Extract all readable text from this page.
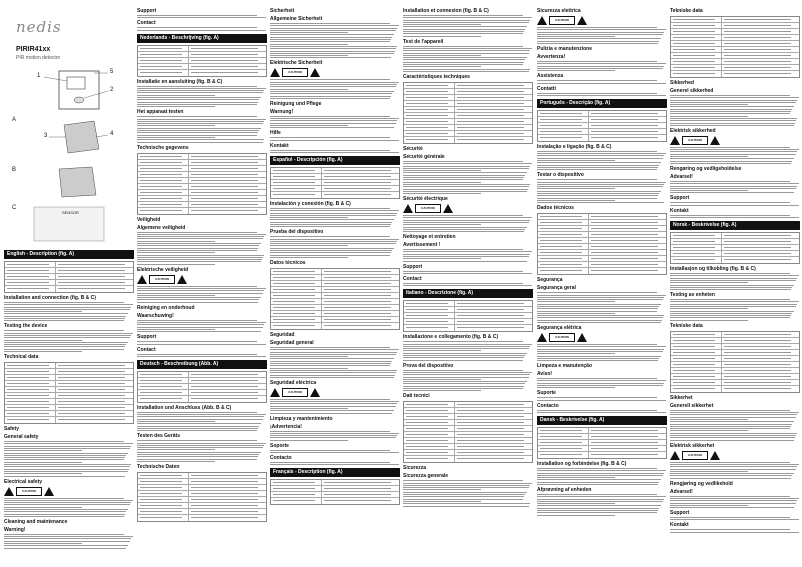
nedis
PIRIR41xx
PIR motion detector
1
2
3	4
5
A
B
C
SENSOR
English - Description (fig. A)
Installation and connection (fig. B & C)
Testing the device
Technical data
Safety
General safety
Electrical safety
CAUTION
Cleaning and maintenance
Warning!
Support
Contact
Nederlands - Beschrijving (fig. A)
Installatie en aansluiting (fig. B & C)
Het apparaat testen
Technische gegevens
Veiligheid
Algemene veiligheid
Elektrische veiligheid
CAUTION
Reiniging en onderhoud
Waarschuwing!
Support
Contact
Deutsch - Beschreibung (Abb. A)
Installation und Anschluss (Abb. B & C)
Testen des Geräts
Technische Daten
Sicherheit
Allgemeine Sicherheit
Elektrische Sicherheit
CAUTION
Reinigung und Pflege
Warnung!
Hilfe
Kontakt
Español - Descripción (fig. A)
Instalación y conexión (fig. B & C)
Prueba del dispositivo
Datos técnicos
Seguridad
Seguridad general
Seguridad eléctrica
CAUTION
Limpieza y mantenimiento
¡Advertencia!
Soporte
Contacto
Français - Description (fig. A)
Installation et connexion (fig. B & C)
Test de l'appareil
Caractéristiques techniques
Sécurité
Sécurité générale
Sécurité électrique
CAUTION
Nettoyage et entretien
Avertissement !
Support
Contact
Italiano - Descrizione (fig. A)
Installazione e collegamento (fig. B & C)
Prova del dispositivo
Dati tecnici
Sicurezza
Sicurezza generale
Sicurezza elettrica
CAUTION
Pulizia e manutenzione
Avvertenza!
Assistenza
Contatti
Português - Descrição (fig. A)
Instalação e ligação (fig. B & C)
Testar o dispositivo
Dados técnicos
Segurança
Segurança geral
Segurança elétrica
CAUTION
Limpeza e manutenção
Aviso!
Suporte
Contacto
Dansk - Beskrivelse (fig. A)
Installation og forbindelse (fig. B & C)
Afprøvning af enheden
Tekniske data
Sikkerhed
Generel sikkerhed
Elektrisk sikkerhed
CAUTION
Rengøring og vedligeholdelse
Advarsel!
Support
Kontakt
Norsk - Beskrivelse (fig. A)
Installasjon og tilkobling (fig. B & C)
Testing av enheten
Tekniske data
Sikkerhet
Generell sikkerhet
Elektrisk sikkerhet
CAUTION
Rengjøring og vedlikehold
Advarsel!
Support
Kontakt
